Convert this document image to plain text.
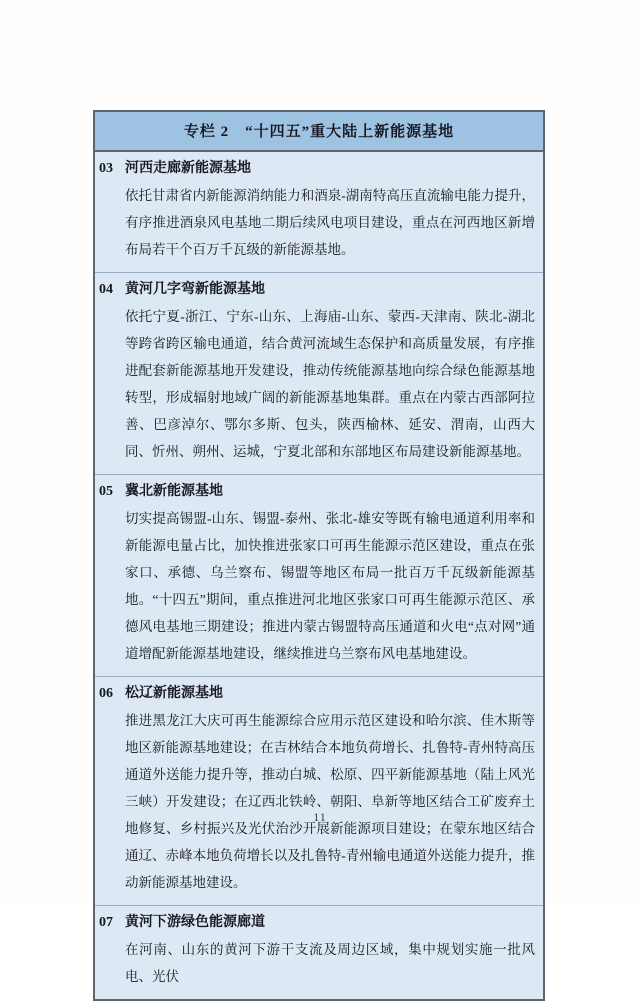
专栏 2　“十四五”重大陆上新能源基地
03 河西走廊新能源基地
依托甘肃省内新能源消纳能力和酒泉-湖南特高压直流输电能力提升，有序推进酒泉风电基地二期后续风电项目建设，重点在河西地区新增布局若干个百万千瓦级的新能源基地。
04 黄河几字弯新能源基地
依托宁夏-浙江、宁东-山东、上海庙-山东、蒙西-天津南、陕北-湖北等跨省跨区输电通道，结合黄河流域生态保护和高质量发展，有序推进配套新能源基地开发建设，推动传统能源基地向综合绿色能源基地转型，形成辐射地域广阔的新能源基地集群。重点在内蒙古西部阿拉善、巴彦淖尔、鄂尔多斯、包头，陕西榆林、延安、渭南，山西大同、忻州、朔州、运城，宁夏北部和东部地区布局建设新能源基地。
05 冀北新能源基地
切实提高锡盟-山东、锡盟-泰州、张北-雄安等既有输电通道利用率和新能源电量占比，加快推进张家口可再生能源示范区建设，重点在张家口、承德、乌兰察布、锡盟等地区布局一批百万千瓦级新能源基地。“十四五”期间，重点推进河北地区张家口可再生能源示范区、承德风电基地三期建设；推进内蒙古锡盟特高压通道和火电“点对网”通道增配新能源基地建设，继续推进乌兰察布风电基地建设。
06 松辽新能源基地
推进黑龙江大庆可再生能源综合应用示范区建设和哈尔滨、佳木斯等地区新能源基地建设；在吉林结合本地负荷增长、扎鲁特-青州特高压通道外送能力提升等，推动白城、松原、四平新能源基地（陆上风光三峡）开发建设；在辽西北铁岭、朝阳、阜新等地区结合工矿废弃土地修复、乡村振兴及光伏治沙开展新能源项目建设；在蒙东地区结合通辽、赤峰本地负荷增长以及扎鲁特-青州输电通道外送能力提升，推动新能源基地建设。
07 黄河下游绿色能源廊道
在河南、山东的黄河下游干支流及周边区域，集中规划实施一批风电、光伏
11
